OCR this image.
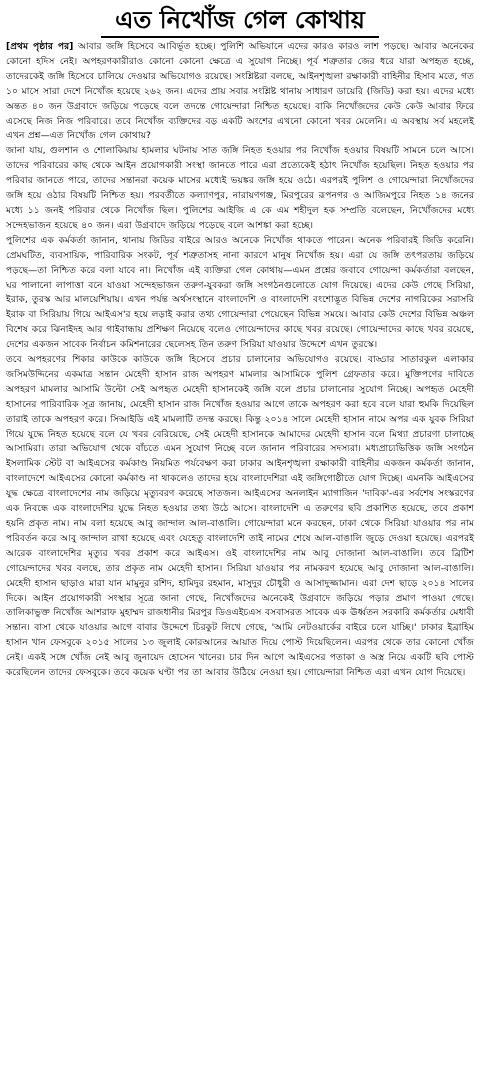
এত নিখোঁজ গেল কোথায়

[প্রথম পৃষ্ঠার পর] আবার জঙ্গি হিসেবে আবির্ভূত হচ্ছে। পুলিশি অভিযানে এদের কারও কারও লাশ পড়ছে। আবার অনেকের কোনো হদিস নেই। অপহরণকারীরাও কোনো কোনো ক্ষেত্রে এ সুযোগ নিচ্ছে। পূর্ব শত্রুতার জের ধরে যারা অপহৃত হচ্ছে, তাদেরকেই জঙ্গি হিসেবে চালিয়ে দেওয়ার অভিযোগও রয়েছে। সংশ্লিষ্টরা বলছে, আইনশৃঙ্খলা রক্ষাকারী বাহিনীর হিসাব মতে, গত ১০ মাসে সারা দেশে নিখোঁজ হয়েছে ২৬২ জন। এদের প্রায় সবার সংশ্লিষ্ট থানায় সাধারণ ডায়েরি (জিডি) করা হয়। এদের মধ্যে অন্তত ৪০ জন উগ্রবাদে জড়িয়ে পড়েছে বলে তদন্তে গোয়েন্দারা নিশ্চিত হয়েছে। বাকি নিখোঁজদের কেউ কেউ আবার ফিরে এসেছে নিজ নিজ পরিবারে। তবে নিখোঁজ ব্যক্তিদের বড় একটি অংশের এখনো কোনো খবর মেলেনি। এ অবস্থায় সর্ব মহলেই এখন প্রশ্ন—এত নিখোঁজ গেল কোথায়?

জানা যায়, গুলশান ও শোলাকিয়ায় হামলার ঘটনায় সাত জঙ্গি নিহত হওয়ার পর নিখোঁজ হওয়ার বিষয়টি সামনে চলে আসে। তাদের পরিবারের কাছ থেকে আইন প্রয়োগকারী সংস্থা জানতে পারে এরা প্রত্যেকেই হঠাৎ নিখোঁজ হয়েছিল। নিহত হওয়ার পর পরিবার জানতে পারে, তাদের সন্তানরা কয়েক মাসের মধ্যেই ভয়ঙ্কর জঙ্গি হয়ে ওঠে। এরপরই পুলিশ ও গোয়েন্দারা নিখোঁজদের জঙ্গি হয়ে ওঠার বিষয়টি নিশ্চিত হয়। পরবর্তীতে কল্যাণপুর, নারায়ণগঞ্জ, মিরপুরের রূপনগর ও আজিমপুরে নিহত ১৪ জনের মধ্যে ১১ জনই পরিবার থেকে নিখোঁজ ছিল। পুলিশের আইজি এ কে এম শহীদুল হক সম্প্রতি বলেছেন, নিখোঁজদের মধ্যে সন্দেহভাজন হয়েছে ৪০ জন। এরা উগ্রবাদে জড়িয়ে পড়েছে বলে আশঙ্কা করা হচ্ছে।

পুলিশের এক কর্মকর্তা জানান, থানায় জিডির বাইরে আরও অনেকে নিখোঁজ থাকতে পারেন। অনেক পরিবারই জিডি করেনি। প্রেমঘটিত, ব্যবসায়িক, পারিবারিক সংকট, পূর্ব শত্রুতাসহ নানা কারণে মানুষ নিখোঁজ হয়। এরা যে জঙ্গি তৎপরতায় জড়িয়ে পড়ছে—তা নিশ্চিত করে বলা যাবে না। নিখোঁজ এই ব্যক্তিরা গেল কোথায়—এমন প্রশ্নের জবাবে গোয়েন্দা কর্মকর্তারা বলছেন, ঘর পালানো লাপাত্তা বনে যাওয়া সন্দেহভাজন তরুণ-যুবকরা জঙ্গি সংগঠনগুলোতে যোগ দিয়েছে। এদের কেউ গেছে সিরিয়া, ইরাক, তুরস্ক আর মালয়েশিয়ায়। এখন পর্যন্ত অর্থসংস্থানে বাংলাদেশি ও বাংলাদেশি বংশোদ্ভূত বিভিন্ন দেশের নাগরিকের সরাসরি ইরাক বা সিরিয়ায় গিয়ে আইএস'র হয়ে লড়াই করার তথ্য গোয়েন্দারা পেয়েছেন বিভিন্ন সময়ে। আবার কেউ দেশের বিভিন্ন অঞ্চল বিশেষ করে ঝিনাইদহ আর গাইবান্ধায় প্রশিক্ষণ নিয়েছে বলেও গোয়েন্দাদের কাছে খবর রয়েছে। গোয়েন্দাদের কাছে খবর রয়েছে, দেশের একজন সাবেক নির্বাচন কমিশনারের ছেলেসহ তিন তরুণ সিরিয়া যাওয়ার উদ্দেশে এখন তুরস্কে।

তবে অপহরণের শিকার কাউকে কাউকে জঙ্গি হিসেবে প্রচার চালানোর অভিযোগও রয়েছে। বাড্ডার সাতারকুল এলাকার জসিমউদ্দিনের একমাত্র সন্তান মেহেদী হাসান রাজ অপহরণ মামলার আসামিকে পুলিশ গ্রেফতার করে। মুক্তিপণের দাবিতে অপহরণ মামলার আসামি উল্টো সেই অপহৃত মেহেদী হাসানকেই জঙ্গি বলে প্রচার চালানোর সুযোগ নিচ্ছে। অপহৃত মেহেদী হাসানের পারিবারিক সূত্র জানায়, মেহেদী হাসান রাজ নিখোঁজ হওয়ার আগে তাকে অপহরণ করা হবে বলে যারা হুমকি দিয়েছিল তারাই তাকে অপহরণ করে। সিআইডি এই মামলাটি তদন্ত করছে। কিন্তু ২০১৪ সালে মেহেদী হাসান নামে অপর এক যুবক সিরিয়া গিয়ে যুদ্ধে নিহত হয়েছে বলে যে খবর বেরিয়েছে, সেই মেহেদী হাসানকে আমাদের মেহেদী হাসান বলে মিথ্যা প্রচারণা চালাচ্ছে আসামিরা। তারা অভিযোগ থেকে বাঁচতে এমন সুযোগ নিচ্ছে বলে জানান পরিবারের সদস্যরা। মধ্যপ্রাচ্যভিত্তিক জঙ্গি সংগঠন ইসলামিক স্টেট বা আইএসের কর্মকাণ্ড নিয়মিত পর্যবেক্ষণ করা ঢাকার আইনশৃঙ্খলা রক্ষাকারী বাহিনীর একজন কর্মকর্তা জানান, বাংলাদেশে আইএসের কোনো কর্মকাণ্ড না থাকলেও তাদের হয়ে বাংলাদেশিরা এই জঙ্গিগোষ্ঠীতে যোগ দিচ্ছে। এমনকি আইএসের যুদ্ধ ক্ষেত্রে বাংলাদেশের নাম জড়িয়ে মৃত্যুবরণ করেছে সাতজন। আইএসের অনলাইন ম্যাগাজিন 'দাবিক'-এর সর্বশেষ সংস্করণের এক নিবন্ধে এক বাংলাদেশির যুদ্ধে নিহত হওয়ার তথ্য উঠে আসে। বাংলাদেশি এ তরুণের ছবি প্রকাশিত হয়েছে, তবে প্রকাশ হয়নি প্রকৃত নাম। নাম বলা হয়েছে আবু জান্দাল আল-বাঙালি। গোয়েন্দারা মনে করছেন, ঢাকা থেকে সিরিয়া যাওয়ার পর নাম পরিবর্তন করে আবু জান্দাল রাখা হয়েছে এবং যেহেতু বাংলাদেশি তাই নামের শেষে আল-বাঙালি জুড়ে দেওয়া হয়েছে। এরপরই আরেক বাংলাদেশির মৃত্যুর খবর প্রকাশ করে আইএস। ওই বাংলাদেশির নাম আবু দোজানা আল-বাঙালি। তবে ব্রিটিশ গোয়েন্দাদের খবর বলছে, তার প্রকৃত নাম মেহেদী হাসান। সিরিয়া যাওয়ার পর নামকরণ হয়েছে আবু দোজানা আল-বাঙালি। মেহেদী হাসান ছাড়াও মারা যান মামুনুর রশিদ, হামিদুর রহমান, মাসুদুর চৌধুরী ও আসাদুজ্জামান। এরা দেশ ছাড়ে ২০১৪ সালের দিকে। আইন প্রয়োগকারী সংস্থার সূত্রে জানা গেছে, নিখোঁজদের অনেকেই উগ্রবাদে জড়িয়ে পড়ার প্রমাণ পাওয়া গেছে। তালিকাভুক্ত নিখোঁজ আশরাফ মুহাম্মদ রাজধানীর মিরপুর ডিওএইচএস বসবাসরত সাবেক এক ঊর্ধ্বতন সরকারি কর্মকর্তার মেধাবী সন্তান। বাসা থেকে যাওয়ার আগে বাবার উদ্দেশে চিরকুট লিখে গেছে, 'আমি নেটওয়ার্কের বাইরে চলে যাচ্ছি।' ঢাকার ইব্রাহিম হাসান খান ফেসবুকে ২০১৫ সালের ১৩ জুলাই কোরআনের আয়াত দিয়ে পোস্ট দিয়েছিলেন। এরপর থেকে তার কোনো খোঁজ নেই। একই সঙ্গে খোঁজ নেই আবু জুনায়েদ হোসেন খানের। চার দিন আগে আইএসের পতাকা ও অস্ত্র নিয়ে একটি ছবি পোস্ট করেছিলেন তাদের ফেসবুকে। তবে কয়েক ঘণ্টা পর তা আবার উঠিয়ে নেওয়া হয়। গোয়েন্দারা নিশ্চিত এরা এখন যোগ দিয়েছে।
